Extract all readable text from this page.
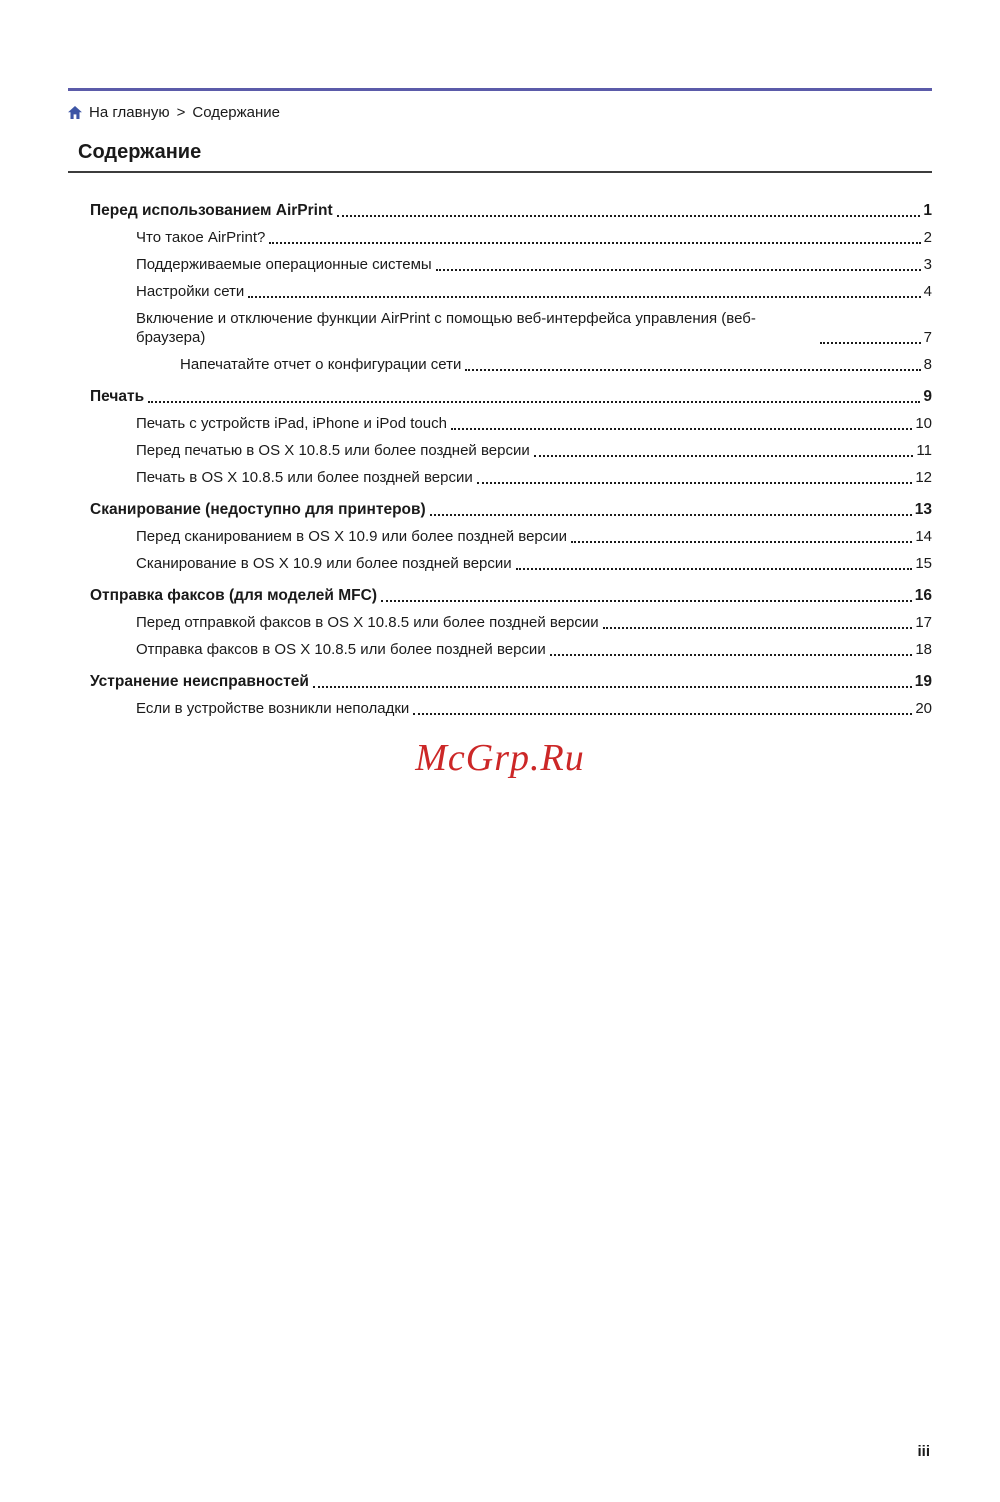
На главную > Содержание
Содержание
Перед использованием AirPrint	1
Что такое AirPrint?	2
Поддерживаемые операционные системы	3
Настройки сети	4
Включение и отключение функции AirPrint с помощью веб-интерфейса управления (веб-браузера)	7
Напечатайте отчет о конфигурации сети	8
Печать	9
Печать с устройств iPad, iPhone и iPod touch	10
Перед печатью в OS X 10.8.5 или более поздней версии	11
Печать в OS X 10.8.5 или более поздней версии	12
Сканирование (недоступно для принтеров)	13
Перед сканированием в OS X 10.9 или более поздней версии	14
Сканирование в OS X 10.9 или более поздней версии	15
Отправка факсов (для моделей MFC)	16
Перед отправкой факсов в OS X 10.8.5 или более поздней версии	17
Отправка факсов в OS X 10.8.5 или более поздней версии	18
Устранение неисправностей	19
Если в устройстве возникли неполадки	20
McGrp.Ru
iii
